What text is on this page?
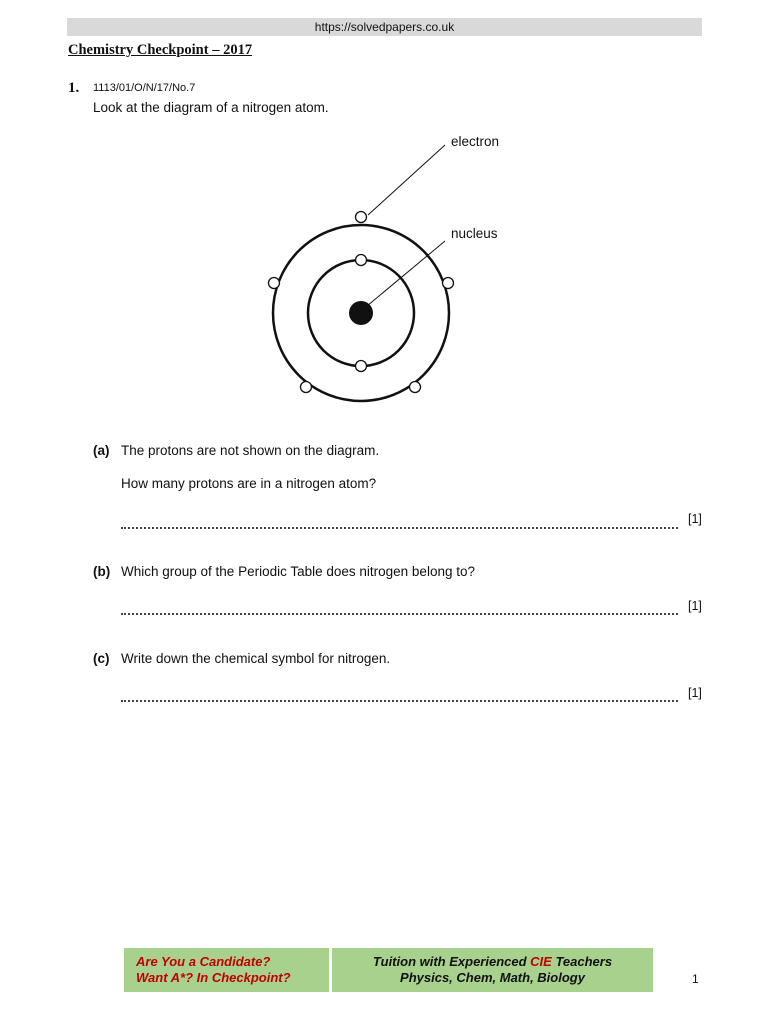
https://solvedpapers.co.uk
Chemistry Checkpoint – 2017
1. 1113/01/O/N/17/No.7
Look at the diagram of a nitrogen atom.
electron
nucleus
(a) The protons are not shown on the diagram.
How many protons are in a nitrogen atom?
[1]
(b) Which group of the Periodic Table does nitrogen belong to?
[1]
(c) Write down the chemical symbol for nitrogen.
[1]
Are You a Candidate?
Want A*? In Checkpoint?
Tuition with Experienced CIE Teachers
Physics, Chem, Math, Biology	1
